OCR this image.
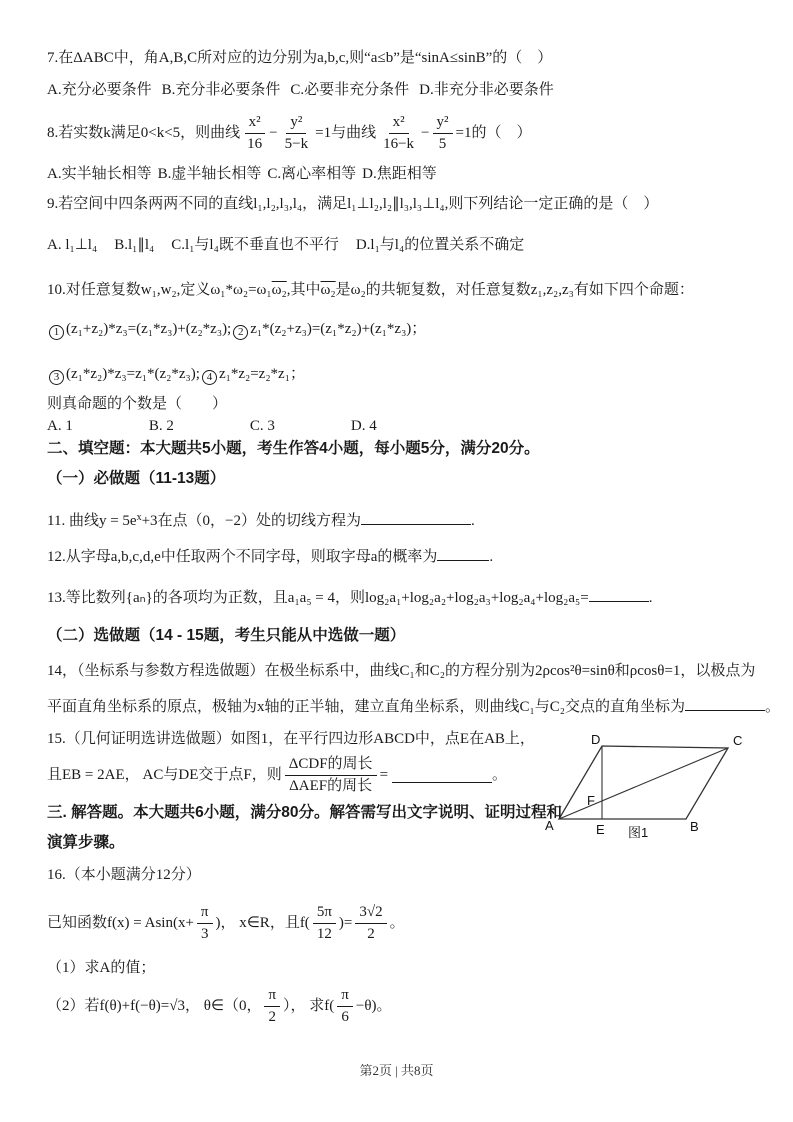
7.在ΔABC中，角A,B,C所对应的边分别为a,b,c,则“a≤b”是“sinA≤sinB”的（　）
A.充分必要条件 B.充分非必要条件 C.必要非充分条件 D.非充分非必要条件
8.若实数k满足0<k<5，则曲线 $\frac{\text{x²}}{16} - \frac{\text{y²}}{5-k} =1$与曲线 $\frac{\text{x²}}{16-k} - \frac{\text{y²}}{5} =1$的（　）
A.实半轴长相等 B.虚半轴长相等 C.离心率相等 D.焦距相等
9.若空间中四条两两不同的直线l₁,l₂,l₃,l₄，满足l₁⊥l₂,l₂∥l₃,l₃⊥l₄,则下列结论一定正确的是（　）
A. l₁⊥l₄ B.l₁∥l₄ C.l₁与l₄既不垂直也不平行 D.l₁与l₄的位置关系不确定
10.对任意复数w₁,w₂,定义ω₁*ω₂=ω₁ω₂,其中ω₂是ω₂的共轭复数，对任意复数z₁,z₂,z₃有如下四个命题：
1 (z₁+z₂)*z₃=(z₁*z₃)+(z₂*z₃); 2 z₁*(z₂+z₃)=(z₁*z₂)+(z₁*z₃)；
3 (z₁*z₂)*z₃=z₁*(z₂*z₃); 4 z₁*z₂=z₂*z₁；
则真命题的个数是（　　）
A. 1	B. 2	C. 3	D. 4
二、填空题：本大题共5小题，考生作答4小题，每小题5分，满分20分。
（一）必做题（11-13题）
11. 曲线$y = 5e^x+3$在点（0，−2）处的切线方程为	.
12.从字母a,b,c,d,e中任取两个不同字母，则取字母a的概率为	.
13.等比数列{aₙ}的各项均为正数，且a₁a₅ = 4，则log₂a₁+log₂a₂+log₂a₃+log₂a₄+log₂a₅=	.
（二）选做题（14 - 15题，考生只能从中选做一题）
14，（坐标系与参数方程选做题）在极坐标系中，曲线C₁和C₂的方程分别为2ρcos²θ=sinθ和ρcosθ=1，以极点为
平面直角坐标系的原点，极轴为x轴的正半轴，建立直角坐标系，则曲线C₁与C₂交点的直角坐标为	。
15.（几何证明选讲选做题）如图1，在平行四边形ABCD中，点E在AB上，
且EB = 2AE， AC与DE交于点F，则 $\frac{\text{ΔCDF的周长}}{\text{ΔAEF的周长}}$ =	。
A	B
C
D
E
F
图1
三. 解答题。本大题共6小题，满分80分。解答需写出文字说明、证明过程和
演算步骤。
16.（本小题满分12分）
已知函数$f(x) = Asin(x+ \frac{\pi}{3}$ )， x∈R，且$f( \frac{5\pi}{12}$ )= $\frac{3√2}{2}$ 。
（1）求A的值；
（2）若f(θ)+f(−θ)=√3， θ∈（0， $\frac{\pi}{2}$ ）， 求$f( \frac{\pi}{6} -\theta)$。
第2页 | 共8页
